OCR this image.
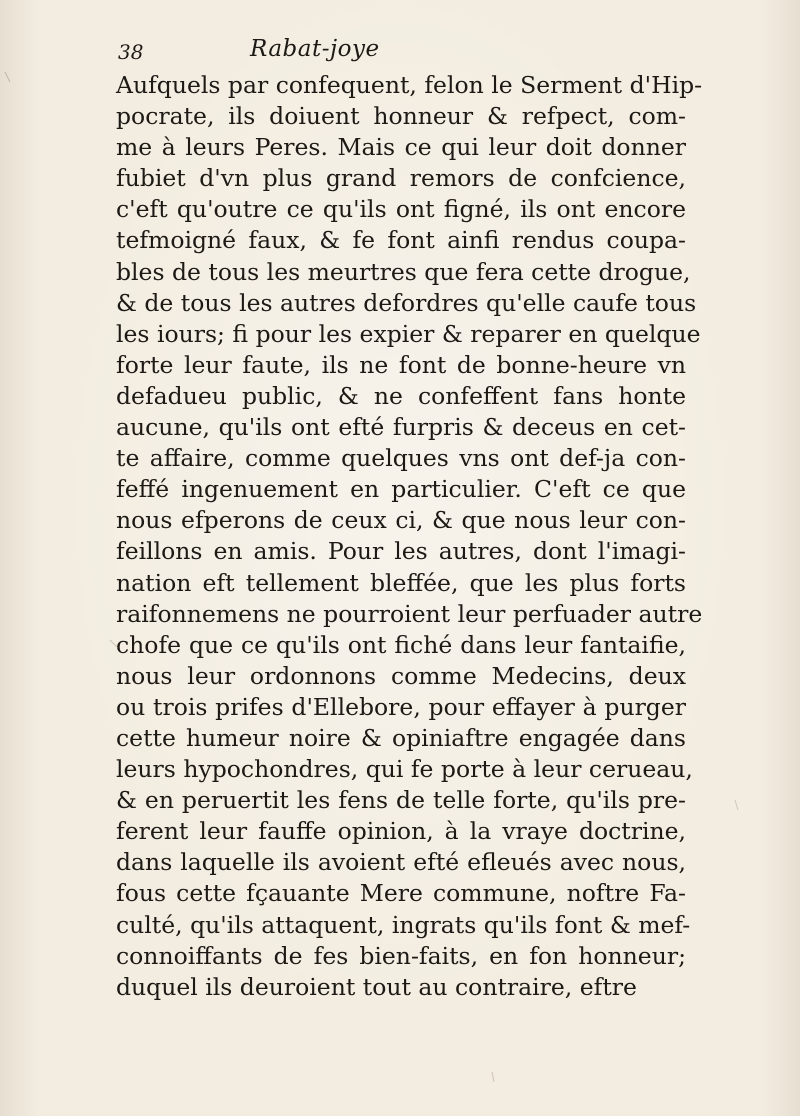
38	Rabat-joye
Aufquels par confequent, felon le Serment d'Hip-
pocrate, ils doiuent honneur & refpect, com-
me à leurs Peres. Mais ce qui leur doit donner
fubiet d'vn plus grand remors de confcience,
c'eft qu'outre ce qu'ils ont figné, ils ont encore
tefmoigné faux, & fe font ainfi rendus coupa-
bles de tous les meurtres que fera cette drogue,
& de tous les autres defordres qu'elle caufe tous
les iours; fi pour les expier & reparer en quelque
forte leur faute, ils ne font de bonne-heure vn
defadueu public, & ne confeffent fans honte
aucune, qu'ils ont efté furpris & deceus en cet-
te affaire, comme quelques vns ont def-ja con-
feffé ingenuement en particulier. C'eft ce que
nous efperons de ceux ci, & que nous leur con-
feillons en amis. Pour les autres, dont l'imagi-
nation eft tellement bleffée, que les plus forts
raifonnemens ne pourroient leur perfuader autre
chofe que ce qu'ils ont fiché dans leur fantaifie,
nous leur ordonnons comme Medecins, deux
ou trois prifes d'Ellebore, pour effayer à purger
cette humeur noire & opiniaftre engagée dans
leurs hypochondres, qui fe porte à leur cerueau,
& en peruertit les fens de telle forte, qu'ils pre-
ferent leur fauffe opinion, à la vraye doctrine,
dans laquelle ils avoient efté efleués avec nous,
fous cette fçauante Mere commune, noftre Fa-
culté, qu'ils attaquent, ingrats qu'ils font & mef-
connoiffants de fes bien-faits, en fon honneur;
duquel ils deuroient tout au contraire, eftre
